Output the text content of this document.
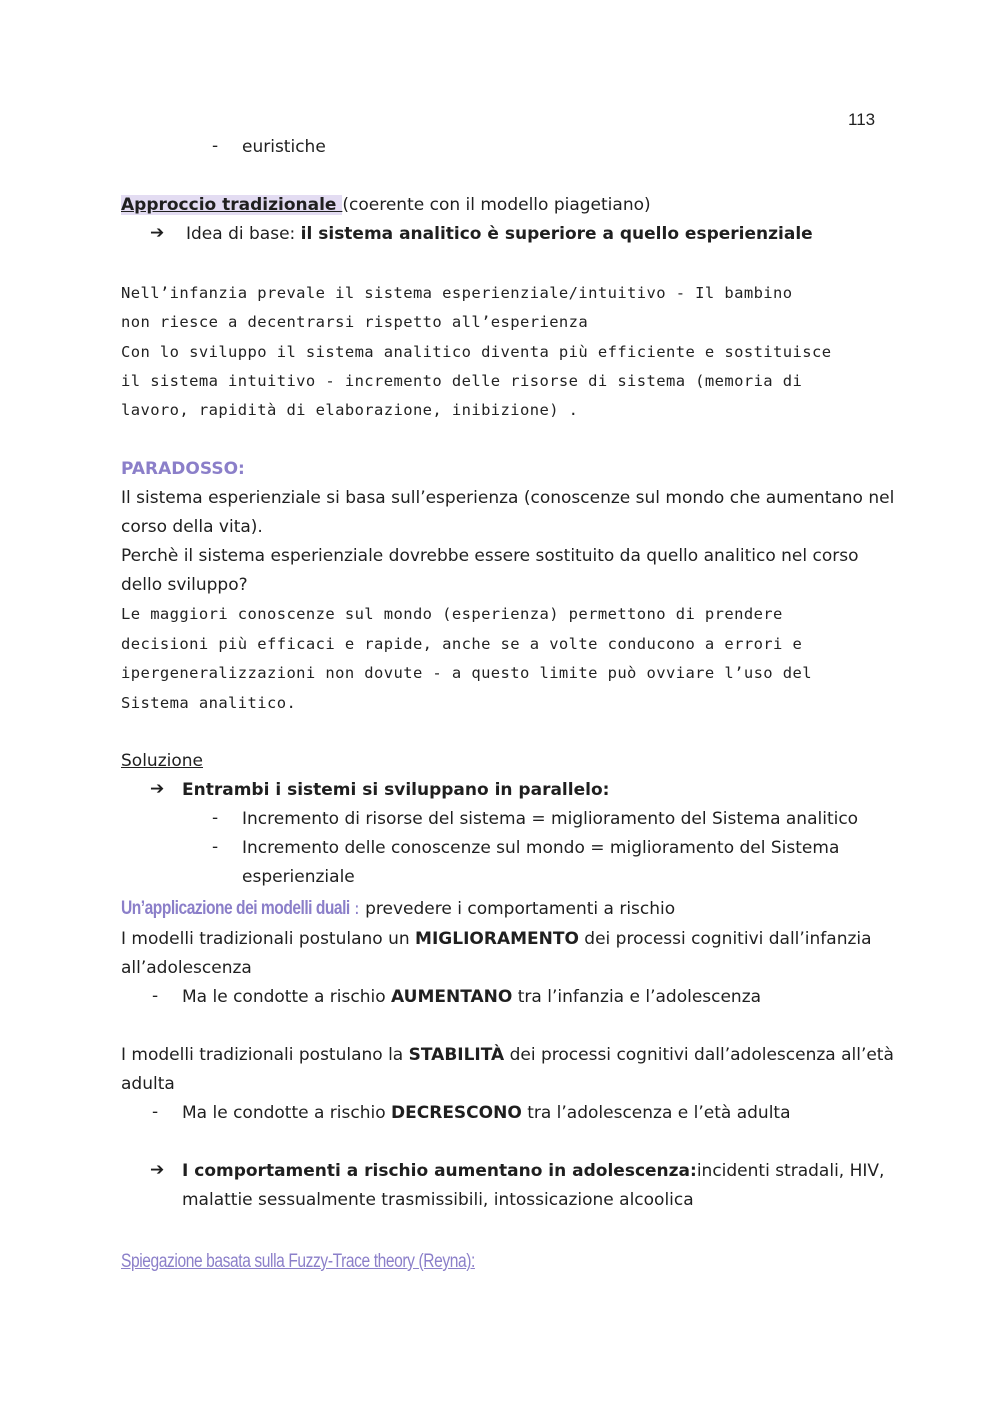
113
- euristiche
Approccio tradizionale (coerente con il modello piagetiano)
➔ Idea di base: il sistema analitico è superiore a quello esperienziale
Nell’infanzia prevale il sistema esperienziale/intuitivo - Il bambino
non riesce a decentrarsi rispetto all’esperienza
Con lo sviluppo il sistema analitico diventa più efficiente e sostituisce
il sistema intuitivo - incremento delle risorse di sistema (memoria di
lavoro, rapidità di elaborazione, inibizione) .
PARADOSSO:
Il sistema esperienziale si basa sull’esperienza (conoscenze sul mondo che aumentano nel
corso della vita).
Perchè il sistema esperienziale dovrebbe essere sostituito da quello analitico nel corso
dello sviluppo?
Le maggiori conoscenze sul mondo (esperienza) permettono di prendere
decisioni più efficaci e rapide, anche se a volte conducono a errori e
ipergeneralizzazioni non dovute - a questo limite può ovviare l’uso del
Sistema analitico.
Soluzione
➔ Entrambi i sistemi si sviluppano in parallelo:
- Incremento di risorse del sistema = miglioramento del Sistema analitico
- Incremento delle conoscenze sul mondo = miglioramento del Sistema
esperienziale
Un’applicazione dei modelli duali : prevedere i comportamenti a rischio
I modelli tradizionali postulano un MIGLIORAMENTO dei processi cognitivi dall’infanzia
all’adolescenza
- Ma le condotte a rischio AUMENTANO tra l’infanzia e l’adolescenza
I modelli tradizionali postulano la STABILITÀ dei processi cognitivi dall’adolescenza all’età
adulta
- Ma le condotte a rischio DECRESCONO tra l’adolescenza e l’età adulta
➔ I comportamenti a rischio aumentano in adolescenza:incidenti stradali, HIV,
malattie sessualmente trasmissibili, intossicazione alcoolica
Spiegazione basata sulla Fuzzy-Trace theory (Reyna):
